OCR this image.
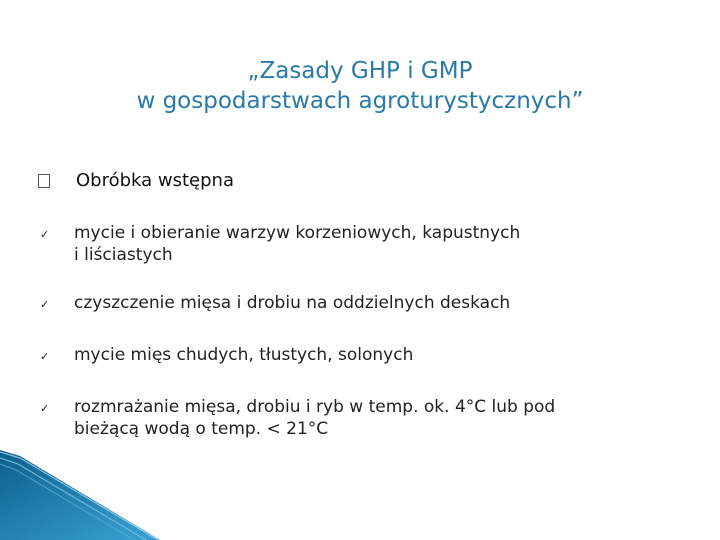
„Zasady GHP i GMP
w gospodarstwach agroturystycznych”
Obróbka wstępna
✓	mycie i obieranie warzyw korzeniowych, kapustnych
i liściastych
✓	czyszczenie mięsa i drobiu na oddzielnych deskach
✓	mycie mięs chudych, tłustych, solonych
✓	rozmrażanie mięsa, drobiu i ryb w temp. ok. 4°C lub pod
bieżącą wodą o temp. < 21°C
